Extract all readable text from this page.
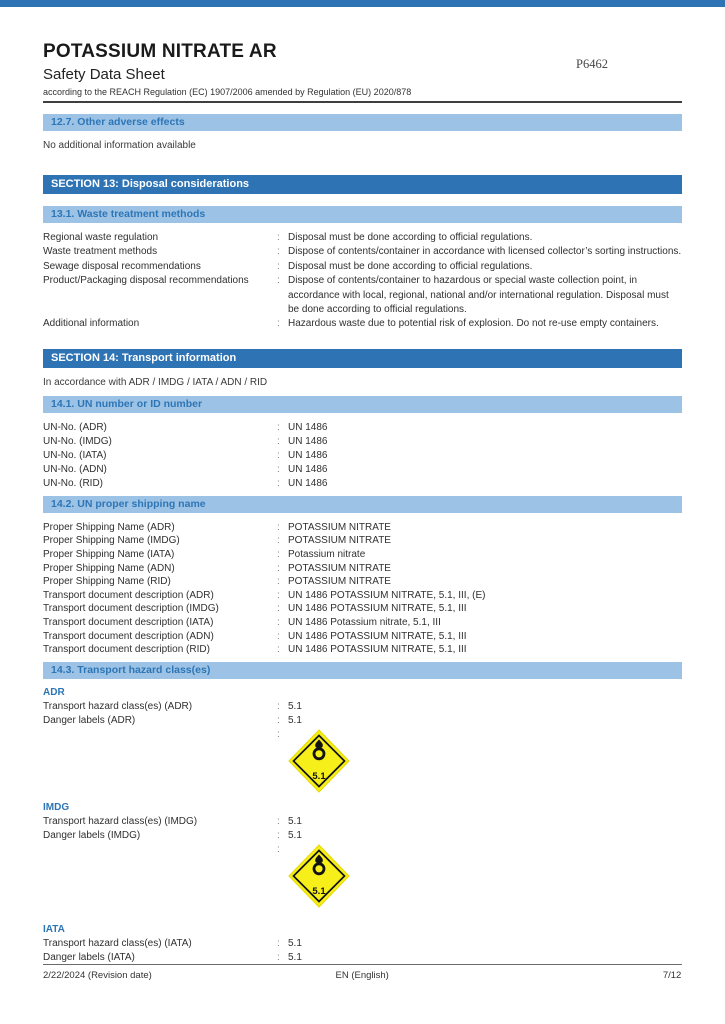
POTASSIUM NITRATE AR
P6462
Safety Data Sheet
according to the REACH Regulation (EC) 1907/2006 amended by Regulation (EU) 2020/878
12.7. Other adverse effects
No additional information available
SECTION 13: Disposal considerations
13.1. Waste treatment methods
Regional waste regulation	: Disposal must be done according to official regulations.
Waste treatment methods	: Dispose of contents/container in accordance with licensed collector’s sorting instructions.
Sewage disposal recommendations	: Disposal must be done according to official regulations.
Product/Packaging disposal recommendations	: Dispose of contents/container to hazardous or special waste collection point, in accordance with local, regional, national and/or international regulation. Disposal must be done according to official regulations.
Additional information	: Hazardous waste due to potential risk of explosion. Do not re-use empty containers.
SECTION 14: Transport information
In accordance with ADR / IMDG / IATA / ADN / RID
14.1. UN number or ID number
UN-No. (ADR)	: UN 1486
UN-No. (IMDG)	: UN 1486
UN-No. (IATA)	: UN 1486
UN-No. (ADN)	: UN 1486
UN-No. (RID)	: UN 1486
14.2. UN proper shipping name
Proper Shipping Name (ADR)	: POTASSIUM NITRATE
Proper Shipping Name (IMDG)	: POTASSIUM NITRATE
Proper Shipping Name (IATA)	: Potassium nitrate
Proper Shipping Name (ADN)	: POTASSIUM NITRATE
Proper Shipping Name (RID)	: POTASSIUM NITRATE
Transport document description (ADR)	: UN 1486 POTASSIUM NITRATE, 5.1, III, (E)
Transport document description (IMDG)	: UN 1486 POTASSIUM NITRATE, 5.1, III
Transport document description (IATA)	: UN 1486 Potassium nitrate, 5.1, III
Transport document description (ADN)	: UN 1486 POTASSIUM NITRATE, 5.1, III
Transport document description (RID)	: UN 1486 POTASSIUM NITRATE, 5.1, III
14.3. Transport hazard class(es)
ADR
Transport hazard class(es) (ADR)	: 5.1
Danger labels (ADR)	: 5.1
:
5.1
IMDG
Transport hazard class(es) (IMDG)	: 5.1
Danger labels (IMDG)	: 5.1
:
5.1
IATA
Transport hazard class(es) (IATA)	: 5.1
Danger labels (IATA)	: 5.1
2/22/2024 (Revision date)	EN (English)	7/12
